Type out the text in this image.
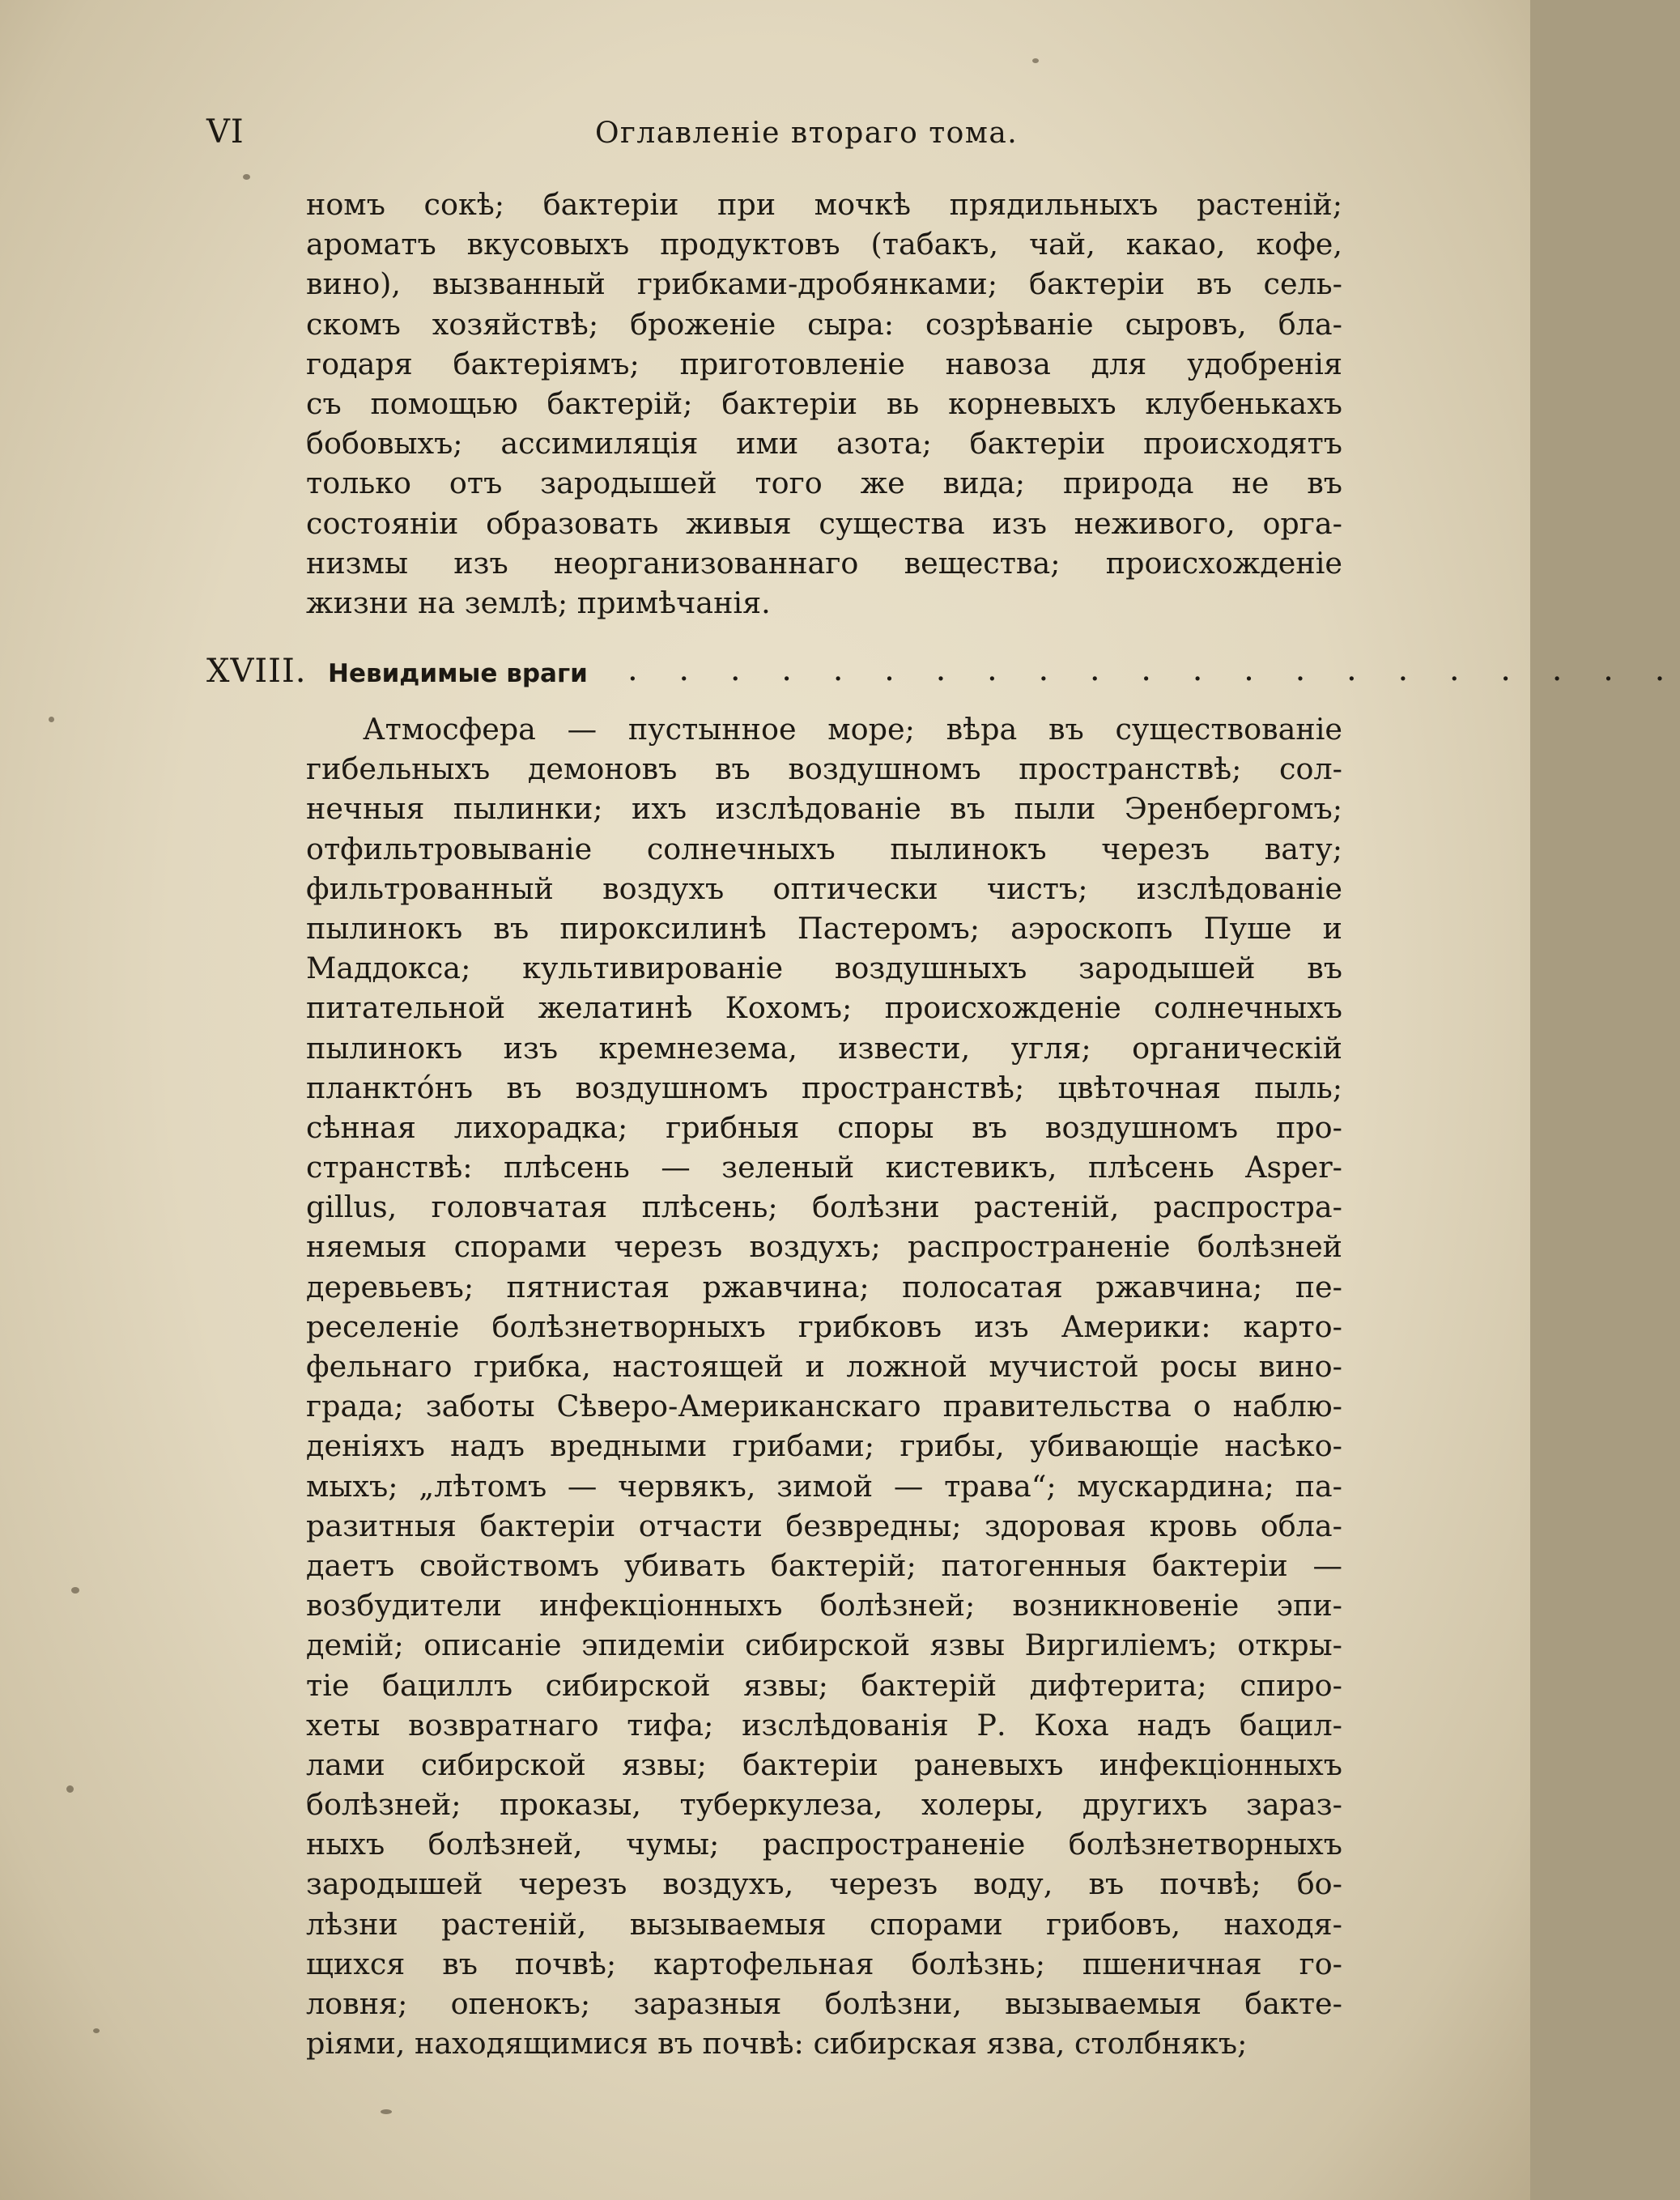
VI	Оглавленіе втораго тома.
номъ сокѣ; бактеріи при мочкѣ прядильныхъ растеній;
ароматъ вкусовыхъ продуктовъ (табакъ, чай, какао, кофе,
вино), вызванный грибками-дробянками; бактеріи въ сель-
скомъ хозяйствѣ; броженіе сыра: созрѣваніе сыровъ, бла-
годаря бактеріямъ; приготовленіе навоза для удобренія
съ помощью бактерій; бактеріи вь корневыхъ клубенькахъ
бобовыхъ; ассимиляція ими азота; бактеріи происходятъ
только отъ зародышей того же вида; природа не въ
состояніи образовать живыя существа изъ неживого, орга-
низмы изъ неорганизованнаго вещества; происхожденіе
жизни на землѣ; примѣчанія.
XVIII. Невидимые враги . . . . . . . . . . . . . . . . . . . . .
Атмосфера — пустынное море; вѣра въ существованіе
гибельныхъ демоновъ въ воздушномъ пространствѣ; сол-
нечныя пылинки; ихъ изслѣдованіе въ пыли Эренбергомъ;
отфильтровываніе солнечныхъ пылинокъ черезъ вату;
фильтрованный воздухъ оптически чистъ; изслѣдованіе
пылинокъ въ пироксилинѣ Пастеромъ; аэроскопъ Пуше и
Маддокса; культивированіе воздушныхъ зародышей въ
питательной желатинѣ Кохомъ; происхожденіе солнечныхъ
пылинокъ изъ кремнезема, извести, угля; органическій
планктóнъ въ воздушномъ пространствѣ; цвѣточная пыль;
сѣнная лихорадка; грибныя споры въ воздушномъ про-
странствѣ: плѣсень — зеленый кистевикъ, плѣсень Asper-
gillus, головчатая плѣсень; болѣзни растеній, распростра-
няемыя спорами черезъ воздухъ; распространеніе болѣзней
деревьевъ; пятнистая ржавчина; полосатая ржавчина; пе-
реселеніе болѣзнетворныхъ грибковъ изъ Америки: карто-
фельнаго грибка, настоящей и ложной мучистой росы вино-
града; заботы Сѣверо-Американскаго правительства о наблю-
деніяхъ надъ вредными грибами; грибы, убивающіе насѣко-
мыхъ; „лѣтомъ — червякъ, зимой — трава“; мускардина; па-
разитныя бактеріи отчасти безвредны; здоровая кровь обла-
даетъ свойствомъ убивать бактерій; патогенныя бактеріи —
возбудители инфекціонныхъ болѣзней; возникновеніе эпи-
демій; описаніе эпидеміи сибирской язвы Виргиліемъ; откры-
тіе бациллъ сибирской язвы; бактерій дифтерита; спиро-
хеты возвратнаго тифа; изслѣдованія Р. Коха надъ бацил-
лами сибирской язвы; бактеріи раневыхъ инфекціонныхъ
болѣзней; проказы, туберкулеза, холеры, другихъ зараз-
ныхъ болѣзней, чумы; распространеніе болѣзнетворныхъ
зародышей черезъ воздухъ, черезъ воду, въ почвѣ; бо-
лѣзни растеній, вызываемыя спорами грибовъ, находя-
щихся въ почвѣ; картофельная болѣзнь; пшеничная го-
ловня; опенокъ; заразныя болѣзни, вызываемыя бакте-
ріями, находящимися въ почвѣ: сибирская язва, столбнякъ;
